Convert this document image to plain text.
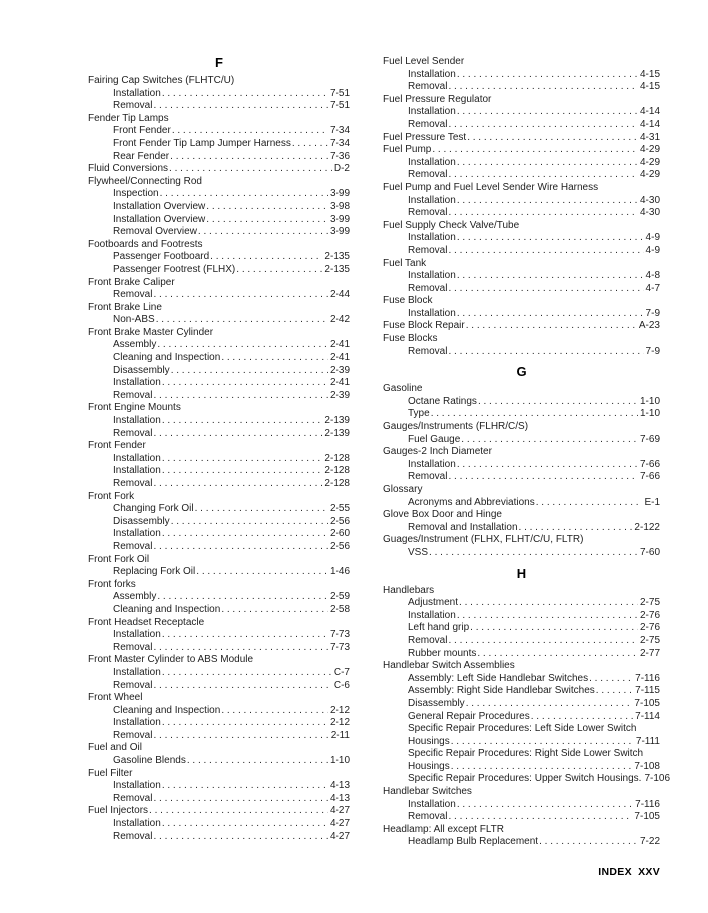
F
Fairing Cap Switches (FLHTC/U)
Installation . . .	7-51
Removal . . .	7-51
Fender Tip Lamps
Front Fender . . .	7-34
Front Fender Tip Lamp Jumper Harness . . .	7-34
Rear Fender . . .	7-36
Fluid Conversions . . .	D-2
Flywheel/Connecting Rod
Inspection . . .	3-99
Installation Overview . . .	3-98
Installation Overview . . .	3-99
Removal Overview . . .	3-99
Footboards and Footrests
Passenger Footboard . . .	2-135
Passenger Footrest (FLHX) . . .	2-135
Front Brake Caliper
Removal . . .	2-44
Front Brake Line
Non-ABS . . .	2-42
Front Brake Master Cylinder
Assembly . . .	2-41
Cleaning and Inspection . . .	2-41
Disassembly . . .	2-39
Installation . . .	2-41
Removal . . .	2-39
Front Engine Mounts
Installation . . .	2-139
Removal . . .	2-139
Front Fender
Installation . . .	2-128
Installation . . .	2-128
Removal . . .	2-128
Front Fork
Changing Fork Oil . . .	2-55
Disassembly . . .	2-56
Installation . . .	2-60
Removal . . .	2-56
Front Fork Oil
Replacing Fork Oil . . .	1-46
Front forks
Assembly . . .	2-59
Cleaning and Inspection . . .	2-58
Front Headset Receptacle
Installation . . .	7-73
Removal . . .	7-73
Front Master Cylinder to ABS Module
Installation . . .	C-7
Removal . . .	C-6
Front Wheel
Cleaning and Inspection . . .	2-12
Installation . . .	2-12
Removal . . .	2-11
Fuel and Oil
Gasoline Blends . . .	1-10
Fuel Filter
Installation . . .	4-13
Removal . . .	4-13
Fuel Injectors . . .	4-27
Installation . . .	4-27
Removal . . .	4-27
Fuel Level Sender
Installation . . .	4-15
Removal . . .	4-15
Fuel Pressure Regulator
Installation . . .	4-14
Removal . . .	4-14
Fuel Pressure Test . . .	4-31
Fuel Pump . . .	4-29
Installation . . .	4-29
Removal . . .	4-29
Fuel Pump and Fuel Level Sender Wire Harness
Installation . . .	4-30
Removal . . .	4-30
Fuel Supply Check Valve/Tube
Installation . . .	4-9
Removal . . .	4-9
Fuel Tank
Installation . . .	4-8
Removal . . .	4-7
Fuse Block
Installation . . .	7-9
Fuse Block Repair . . .	A-23
Fuse Blocks
Removal . . .	7-9
G
Gasoline
Octane Ratings . . .	1-10
Type . . .	1-10
Gauges/Instruments (FLHR/C/S)
Fuel Gauge . . .	7-69
Gauges-2 Inch Diameter
Installation . . .	7-66
Removal . . .	7-66
Glossary
Acronyms and Abbreviations . . .	E-1
Glove Box Door and Hinge
Removal and Installation . . .	2-122
Guages/Instrument (FLHX, FLHT/C/U, FLTR)
VSS . . .	7-60
H
Handlebars
Adjustment . . .	2-75
Installation . . .	2-76
Left hand grip . . .	2-76
Removal . . .	2-75
Rubber mounts . . .	2-77
Handlebar Switch Assemblies
Assembly: Left Side Handlebar Switches . . .	7-116
Assembly: Right Side Handlebar Switches . . .	7-115
Disassembly . . .	7-105
General Repair Procedures . . .	7-114
Specific Repair Procedures: Left Side Lower Switch
Housings . . .	7-111
Specific Repair Procedures: Right Side Lower Switch
Housings . . .	7-108
Specific Repair Procedures: Upper Switch Housings. 7-106
Handlebar Switches
Installation . . .	7-116
Removal . . .	7-105
Headlamp: All except FLTR
Headlamp Bulb Replacement . . .	7-22
INDEX XXV
